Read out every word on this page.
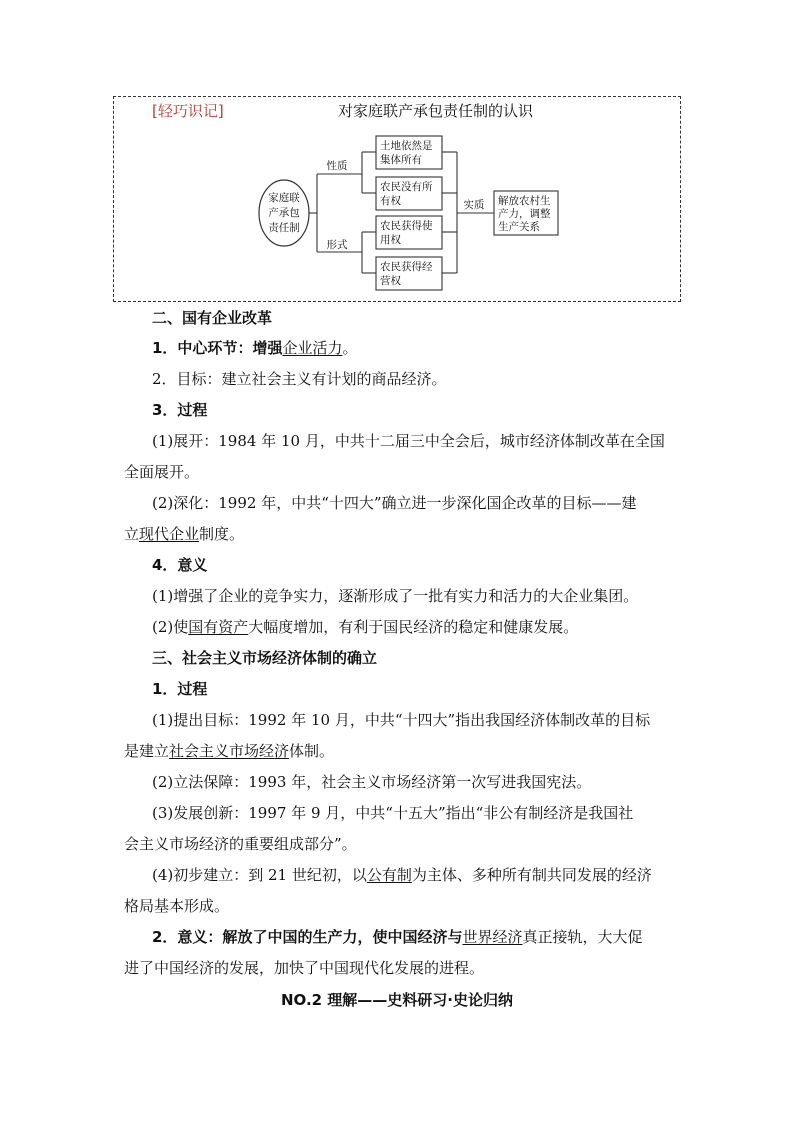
[轻巧识记]	对家庭联产承包责任制的认识
家庭联
产承包
责任制
性质
形式
实质
土地依然是
集体所有
农民没有所
有权
农民获得使
用权
农民获得经
营权
解放农村生
产力，调整
生产关系
二、国有企业改革
1．中心环节：增强企业活力。
2．目标：建立社会主义有计划的商品经济。
3．过程
(1)展开：1984 年 10 月，中共十二届三中全会后，城市经济体制改革在全国
全面展开。
(2)深化：1992 年，中共“十四大”确立进一步深化国企改革的目标——建
立现代企业制度。
4．意义
(1)增强了企业的竞争实力，逐渐形成了一批有实力和活力的大企业集团。
(2)使国有资产大幅度增加，有利于国民经济的稳定和健康发展。
三、社会主义市场经济体制的确立
1．过程
(1)提出目标：1992 年 10 月，中共“十四大”指出我国经济体制改革的目标
是建立社会主义市场经济体制。
(2)立法保障：1993 年，社会主义市场经济第一次写进我国宪法。
(3)发展创新：1997 年 9 月，中共“十五大”指出“非公有制经济是我国社
会主义市场经济的重要组成部分”。
(4)初步建立：到 21 世纪初，以公有制为主体、多种所有制共同发展的经济
格局基本形成。
2．意义：解放了中国的生产力，使中国经济与世界经济真正接轨，大大促
进了中国经济的发展，加快了中国现代化发展的进程。
NO.2 理解——史料研习·史论归纳
